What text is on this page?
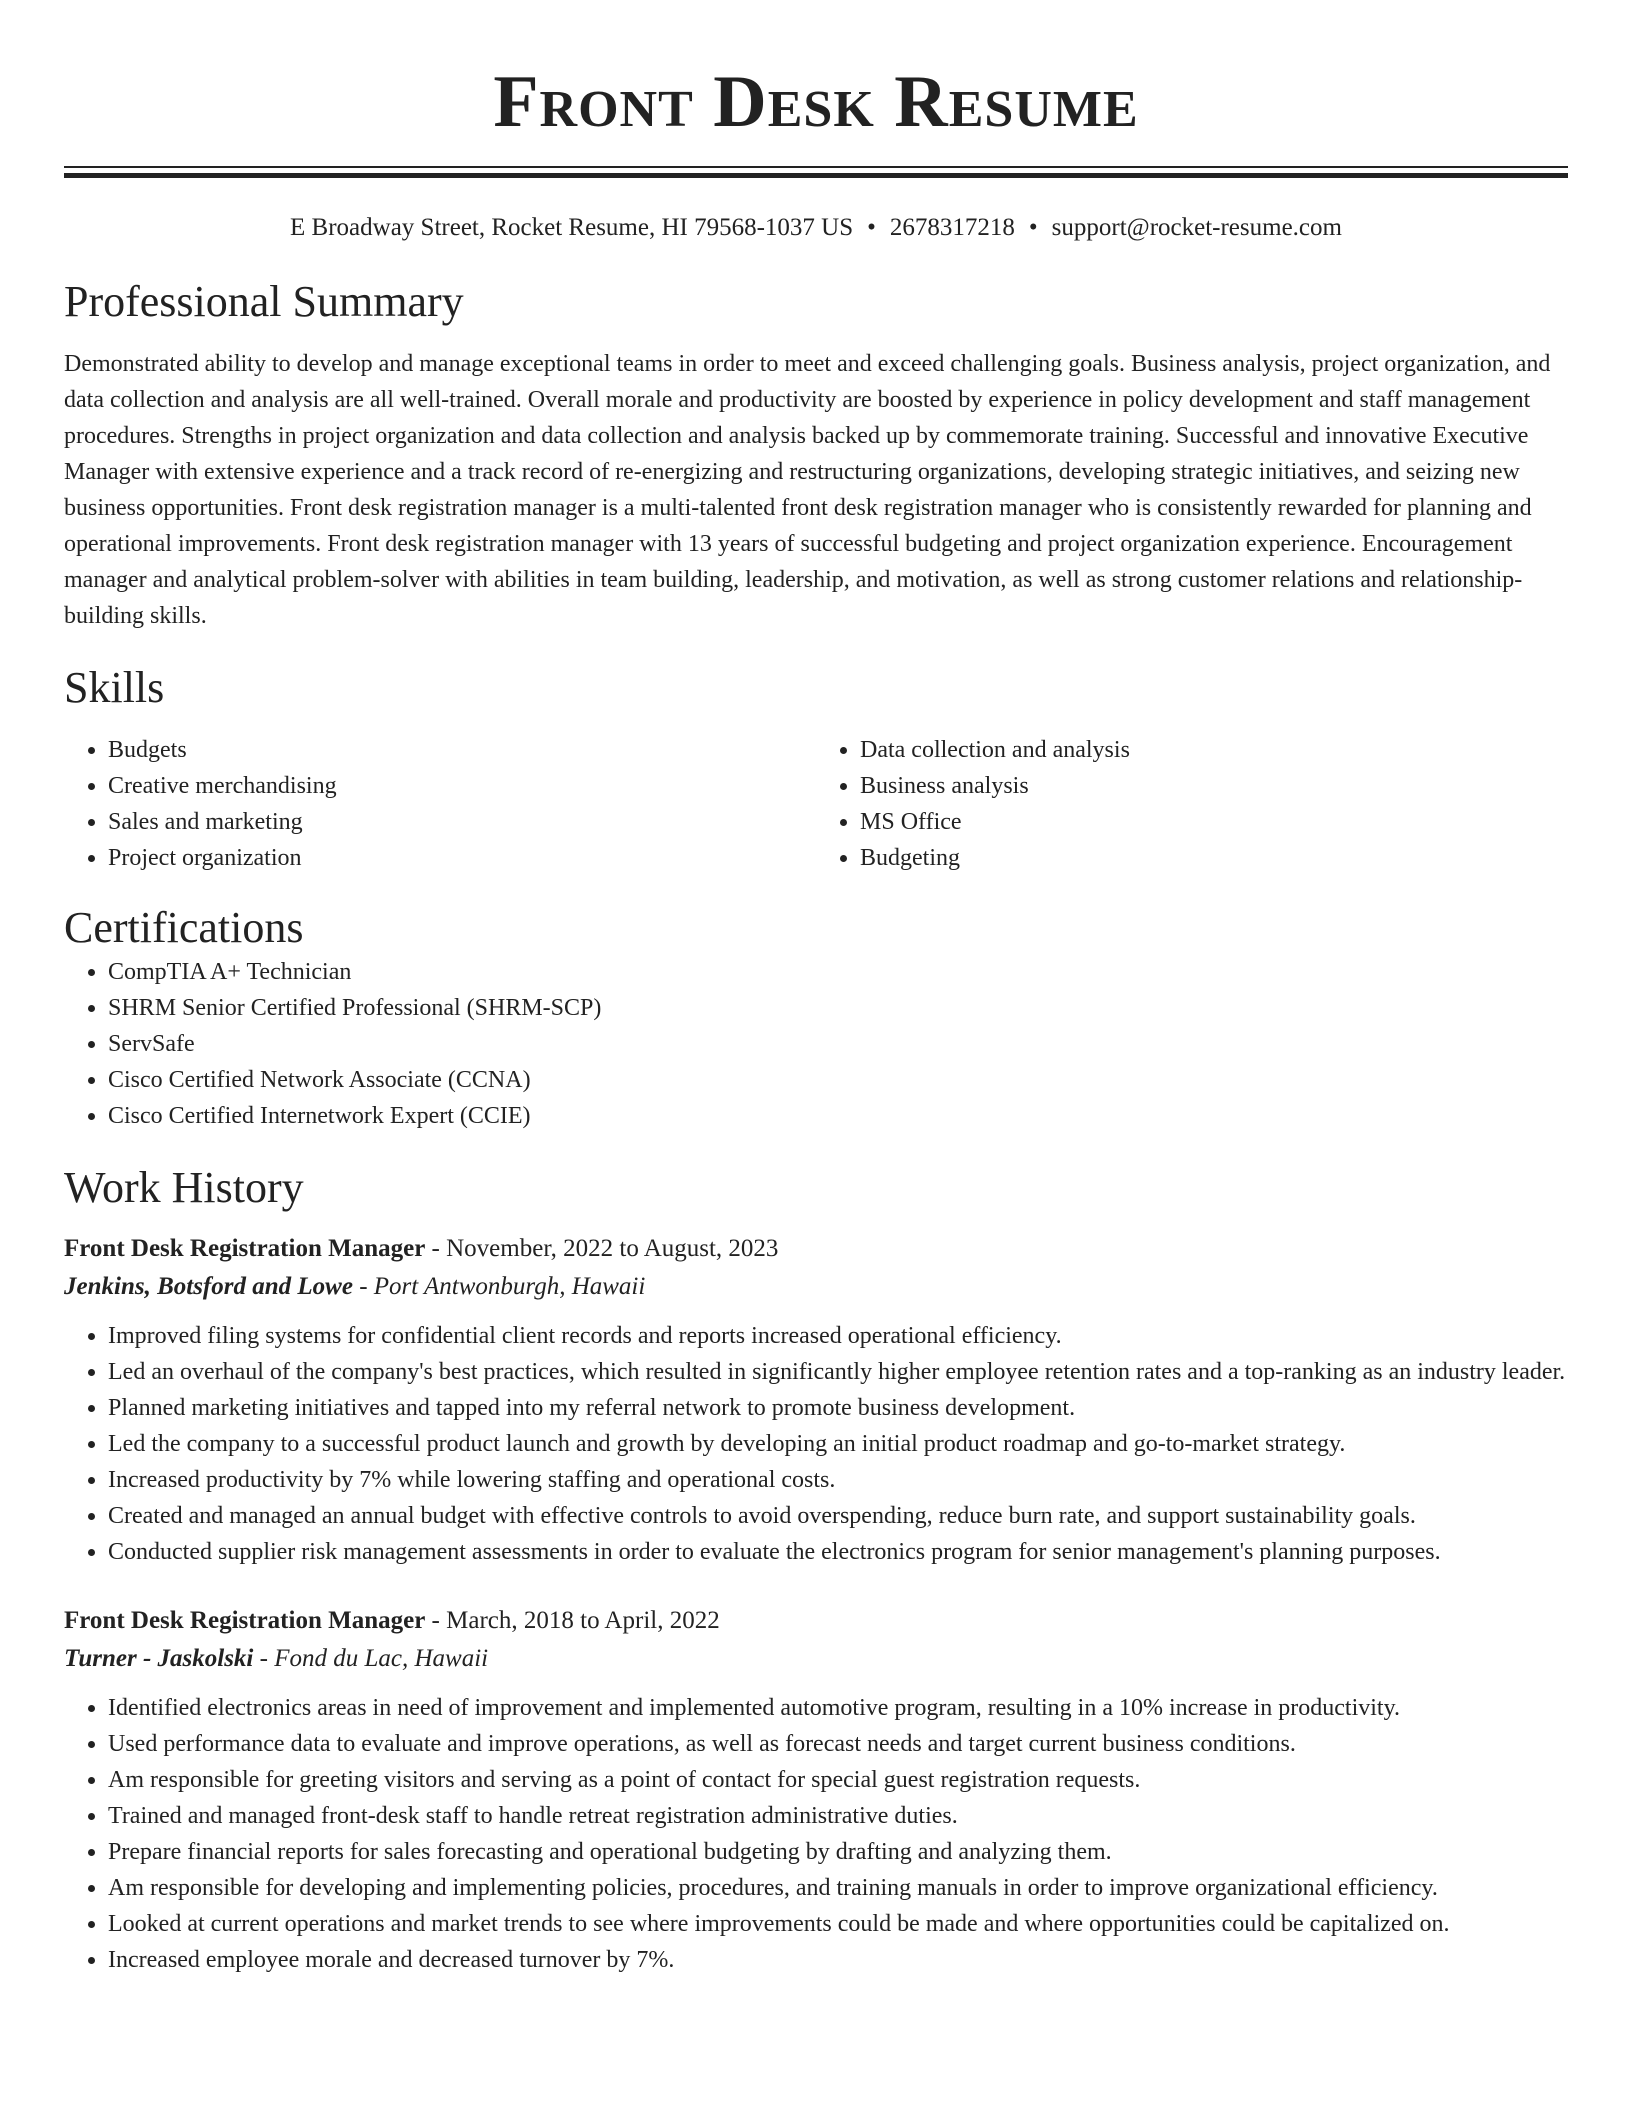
Front Desk Resume
E Broadway Street, Rocket Resume, HI 79568-1037 US • 2678317218 • support@rocket-resume.com
Professional Summary

Demonstrated ability to develop and manage exceptional teams in order to meet and exceed challenging goals. Business analysis, project organization, and data collection and analysis are all well-trained. Overall morale and productivity are boosted by experience in policy development and staff management procedures. Strengths in project organization and data collection and analysis backed up by commemorate training. Successful and innovative Executive Manager with extensive experience and a track record of re-energizing and restructuring organizations, developing strategic initiatives, and seizing new business opportunities. Front desk registration manager is a multi-talented front desk registration manager who is consistently rewarded for planning and operational improvements. Front desk registration manager with 13 years of successful budgeting and project organization experience. Encouragement manager and analytical problem-solver with abilities in team building, leadership, and motivation, as well as strong customer relations and relationship-building skills.

Skills
• Budgets
• Creative merchandising
• Sales and marketing
• Project organization
• Data collection and analysis
• Business analysis
• MS Office
• Budgeting
Certifications
• CompTIA A+ Technician
• SHRM Senior Certified Professional (SHRM-SCP)
• ServSafe
• Cisco Certified Network Associate (CCNA)
• Cisco Certified Internetwork Expert (CCIE)
Work History
Front Desk Registration Manager - November, 2022 to August, 2023
Jenkins, Botsford and Lowe - Port Antwonburgh, Hawaii
• Improved filing systems for confidential client records and reports increased operational efficiency.
• Led an overhaul of the company's best practices, which resulted in significantly higher employee retention rates and a top-ranking as an industry leader.
• Planned marketing initiatives and tapped into my referral network to promote business development.
• Led the company to a successful product launch and growth by developing an initial product roadmap and go-to-market strategy.
• Increased productivity by 7% while lowering staffing and operational costs.
• Created and managed an annual budget with effective controls to avoid overspending, reduce burn rate, and support sustainability goals.
• Conducted supplier risk management assessments in order to evaluate the electronics program for senior management's planning purposes.
Front Desk Registration Manager - March, 2018 to April, 2022
Turner - Jaskolski - Fond du Lac, Hawaii
• Identified electronics areas in need of improvement and implemented automotive program, resulting in a 10% increase in productivity.
• Used performance data to evaluate and improve operations, as well as forecast needs and target current business conditions.
• Am responsible for greeting visitors and serving as a point of contact for special guest registration requests.
• Trained and managed front-desk staff to handle retreat registration administrative duties.
• Prepare financial reports for sales forecasting and operational budgeting by drafting and analyzing them.
• Am responsible for developing and implementing policies, procedures, and training manuals in order to improve organizational efficiency.
• Looked at current operations and market trends to see where improvements could be made and where opportunities could be capitalized on.
• Increased employee morale and decreased turnover by 7%.
